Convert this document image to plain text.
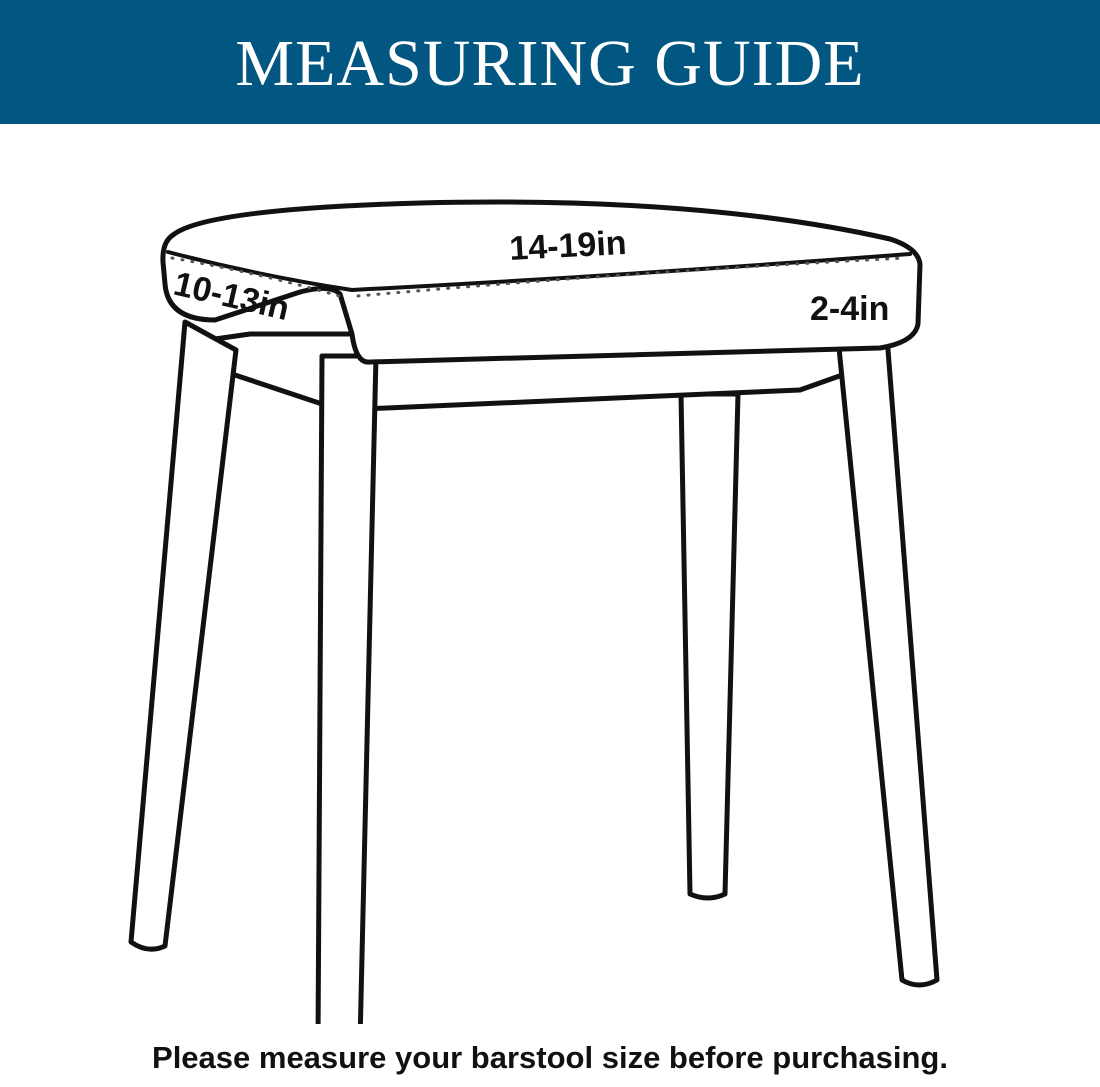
MEASURING GUIDE
14-19in
10-13in	2-4in
Please measure your barstool size before purchasing.
